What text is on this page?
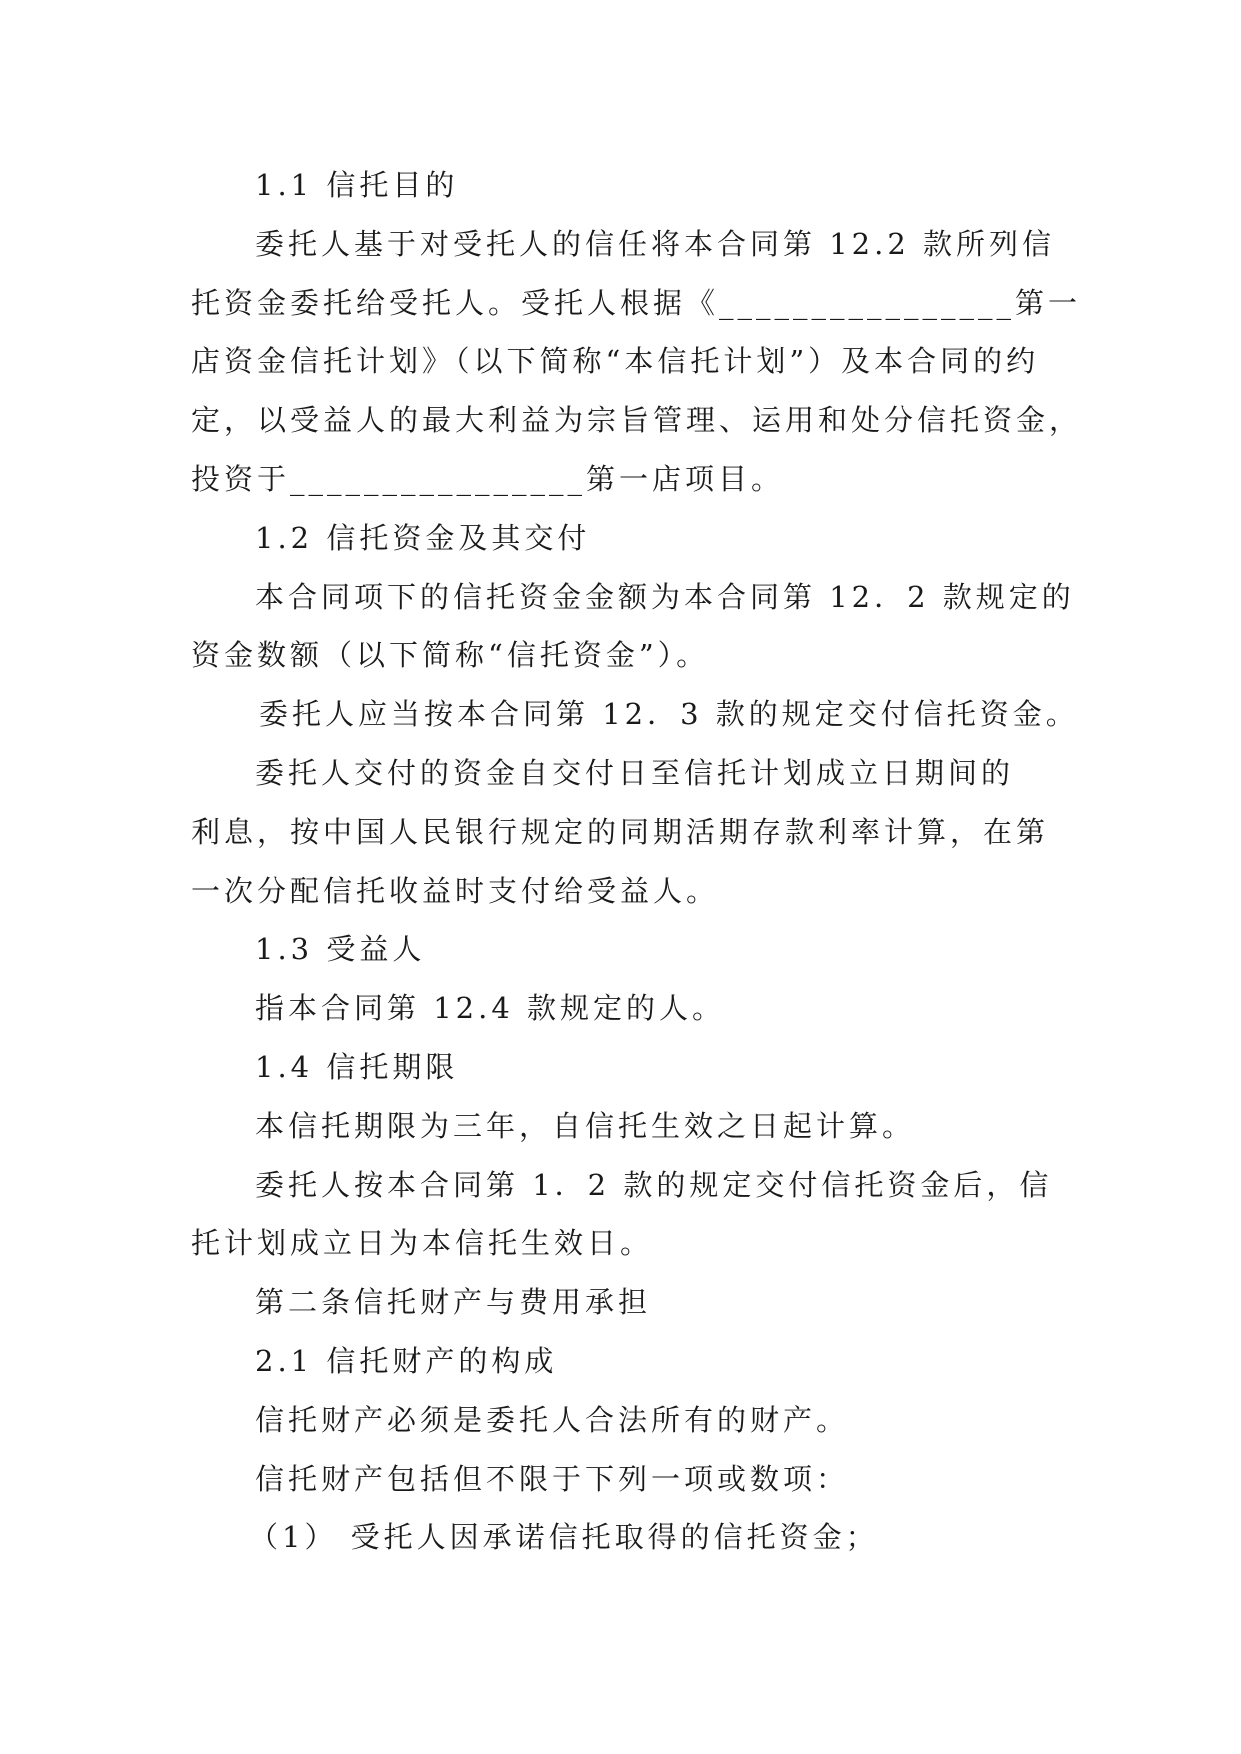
1.1 信托目的

委托人基于对受托人的信任将本合同第 12.2 款所列信

托资金委托给受托人。受托人根据《________________第一

店资金信托计划》（以下简称“本信托计划”）及本合同的约

定，以受益人的最大利益为宗旨管理、运用和处分信托资金，

投资于________________第一店项目。

1.2 信托资金及其交付

本合同项下的信托资金金额为本合同第 12．2 款规定的

资金数额（以下简称“信托资金”）。

委托人应当按本合同第 12．3 款的规定交付信托资金。

委托人交付的资金自交付日至信托计划成立日期间的

利息，按中国人民银行规定的同期活期存款利率计算，在第

一次分配信托收益时支付给受益人。

1.3 受益人

指本合同第 12.4 款规定的人。

1.4 信托期限

本信托期限为三年，自信托生效之日起计算。

委托人按本合同第 1．2 款的规定交付信托资金后，信

托计划成立日为本信托生效日。

第二条信托财产与费用承担

2.1 信托财产的构成

信托财产必须是委托人合法所有的财产。

信托财产包括但不限于下列一项或数项：

（1） 受托人因承诺信托取得的信托资金；
